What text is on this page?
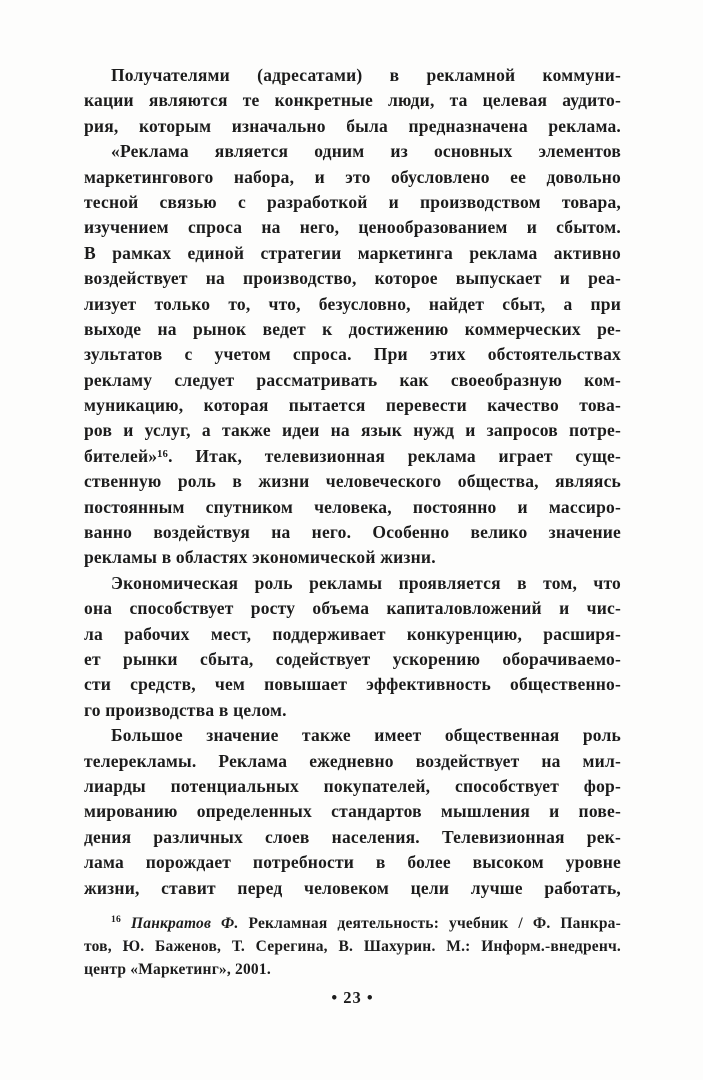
Получателями (адресатами) в рекламной коммуни-
кации являются те конкретные люди, та целевая аудито-
рия, которым изначально была предназначена реклама.
«Реклама является одним из основных элементов
маркетингового набора, и это обусловлено ее довольно
тесной связью с разработкой и производством товара,
изучением спроса на него, ценообразованием и сбытом.
В рамках единой стратегии маркетинга реклама активно
воздействует на производство, которое выпускает и реа-
лизует только то, что, безусловно, найдет сбыт, а при
выходе на рынок ведет к достижению коммерческих ре-
зультатов с учетом спроса. При этих обстоятельствах
рекламу следует рассматривать как своеобразную ком-
муникацию, которая пытается перевести качество това-
ров и услуг, а также идеи на язык нужд и запросов потре-
бителей»¹⁶. Итак, телевизионная реклама играет суще-
ственную роль в жизни человеческого общества, являясь
постоянным спутником человека, постоянно и массиро-
ванно воздействуя на него. Особенно велико значение
рекламы в областях экономической жизни.
Экономическая роль рекламы проявляется в том, что
она способствует росту объема капиталовложений и чис-
ла рабочих мест, поддерживает конкуренцию, расширя-
ет рынки сбыта, содействует ускорению оборачиваемо-
сти средств, чем повышает эффективность общественно-
го производства в целом.
Большое значение также имеет общественная роль
телерекламы. Реклама ежедневно воздействует на мил-
лиарды потенциальных покупателей, способствует фор-
мированию определенных стандартов мышления и пове-
дения различных слоев населения. Телевизионная рек-
лама порождает потребности в более высоком уровне
жизни, ставит перед человеком цели лучше работать,
$^{16}$ Панкратов Ф. Рекламная деятельность: учебник / Ф. Панкра-
тов, Ю. Баженов, Т. Серегина, В. Шахурин. М.: Информ.-внедренч.
центр «Маркетинг», 2001.
• 23 •
